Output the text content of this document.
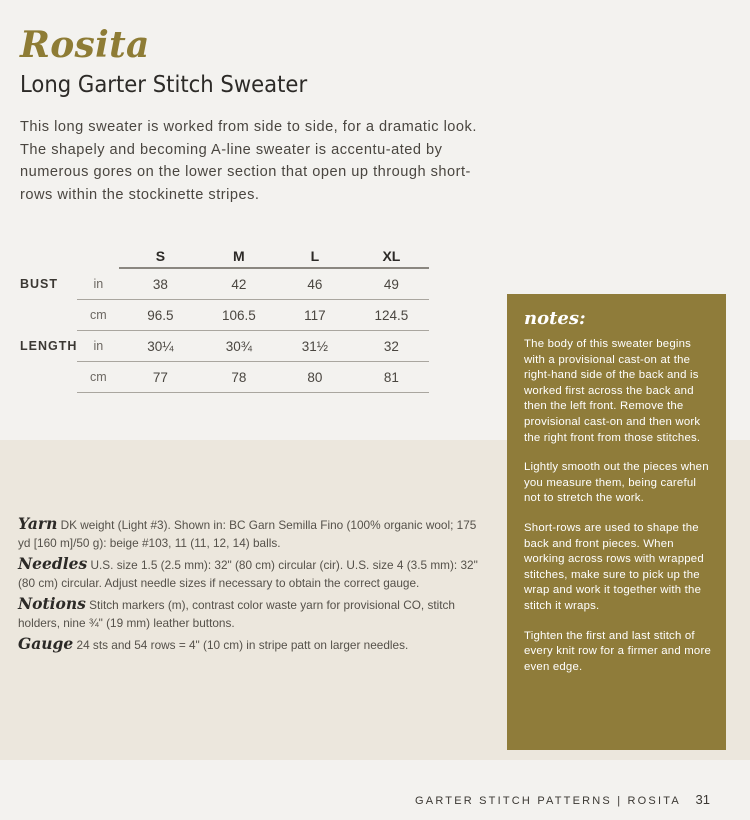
Rosita
Long Garter Stitch Sweater

This long sweater is worked from side to side, for a dramatic look. The shapely and becoming A-line sweater is accentu-ated by numerous gores on the lower section that open up through short-rows within the stockinette stripes.

		S	M	L	XL
BUST	in	38	42	46	49
	cm	96.5	106.5	117	124.5
LENGTH	in	30¼	30¾	31½	32
	cm	77	78	80	81

Yarn DK weight (Light #3). Shown in: BC Garn Semilla Fino (100% organic wool; 175 yd [160 m]/50 g): beige #103, 11 (11, 12, 14) balls.

Needles U.S. size 1.5 (2.5 mm): 32" (80 cm) circular (cir). U.S. size 4 (3.5 mm): 32" (80 cm) circular. Adjust needle sizes if necessary to obtain the correct gauge.

Notions Stitch markers (m), contrast color waste yarn for provisional CO, stitch holders, nine ¾" (19 mm) leather buttons.

Gauge 24 sts and 54 rows = 4" (10 cm) in stripe patt on larger needles.

notes:

The body of this sweater begins with a provisional cast-on at the right-hand side of the back and is worked first across the back and then the left front. Remove the provisional cast-on and then work the right front from those stitches.

Lightly smooth out the pieces when you measure them, being careful not to stretch the work.

Short-rows are used to shape the back and front pieces. When working across rows with wrapped stitches, make sure to pick up the wrap and work it together with the stitch it wraps.

Tighten the first and last stitch of every knit row for a firmer and more even edge.

GARTER STITCH PATTERNS | ROSITA 31
